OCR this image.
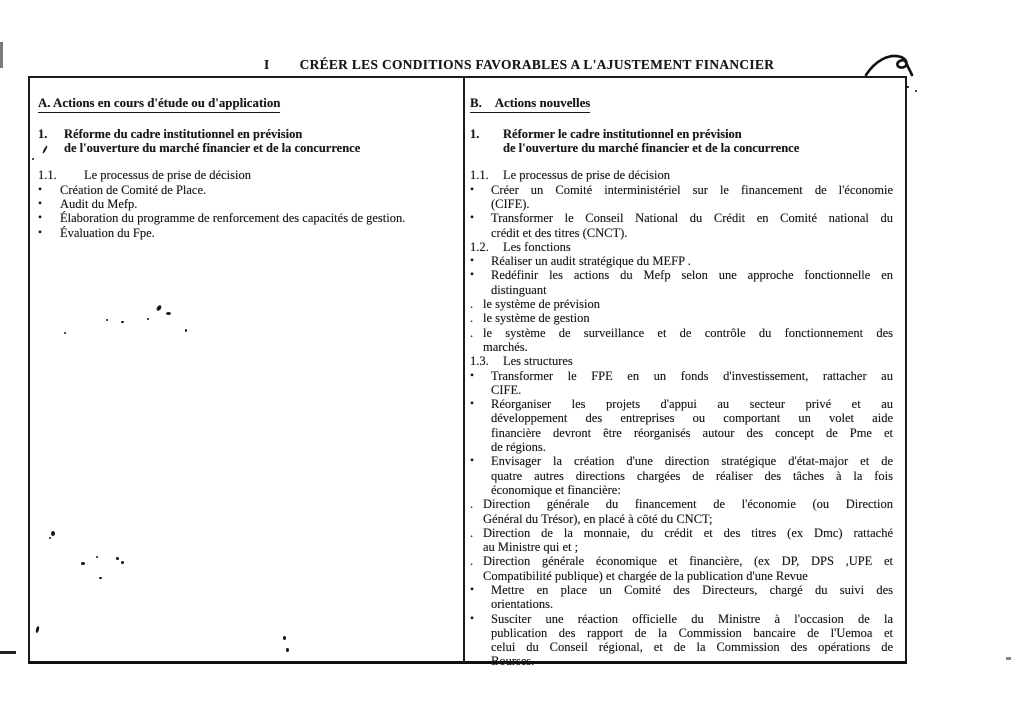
I CRÉER LES CONDITIONS FAVORABLES A L'AJUSTEMENT FINANCIER
A. Actions en cours d'étude ou d'application
1.	Réforme du cadre institutionnel en prévision
de l'ouverture du marché financier et de la concurrence
1.1.	Le processus de prise de décision
•	Création de Comité de Place.
•	Audit du Mefp.
•	Élaboration du programme de renforcement des capacités de gestion.
•	Évaluation du Fpe.
B.    Actions nouvelles
1.	Réformer le cadre institutionnel en prévision
de l'ouverture du marché financier et de la concurrence
1.1.	Le processus de prise de décision
•	Créer un Comité interministériel sur le financement de l'économie
(CIFE).
•	Transformer le Conseil National du Crédit en Comité national du
crédit et des titres (CNCT).
1.2.	Les fonctions
•	Réaliser un audit stratégique du MEFP .
•	Redéfinir les actions du Mefp selon une approche fonctionnelle en
distinguant
. le système de prévision
. le système de gestion
. le système de surveillance et de contrôle du fonctionnement des
marchés.
1.3.	Les structures
•	Transformer le FPE en un fonds d'investissement, rattacher au
CIFE.
•	Réorganiser les projets d'appui au secteur privé et au
développement des entreprises ou comportant un volet aide
financière devront être réorganisés autour des concept de Pme et
de régions.
•	Envisager la création d'une direction stratégique d'état-major et de
quatre autres directions chargées de réaliser des tâches à la fois
économique et financière:
. Direction générale du financement de l'économie (ou Direction
Général du Trésor), en placé à côté du CNCT;
. Direction de la monnaie, du crédit et des titres (ex Dmc) rattaché
au Ministre qui et ;
. Direction générale économique et financière, (ex DP, DPS ,UPE et
Compatibilité publique) et chargée de la publication d'une Revue
•	Mettre en place un Comité des Directeurs, chargé du suivi des
orientations.
•	Susciter une réaction officielle du Ministre à l'occasion de la
publication des rapport de la Commission bancaire de l'Uemoa et
celui du Conseil régional, et de la Commission des opérations de
Bourses.
